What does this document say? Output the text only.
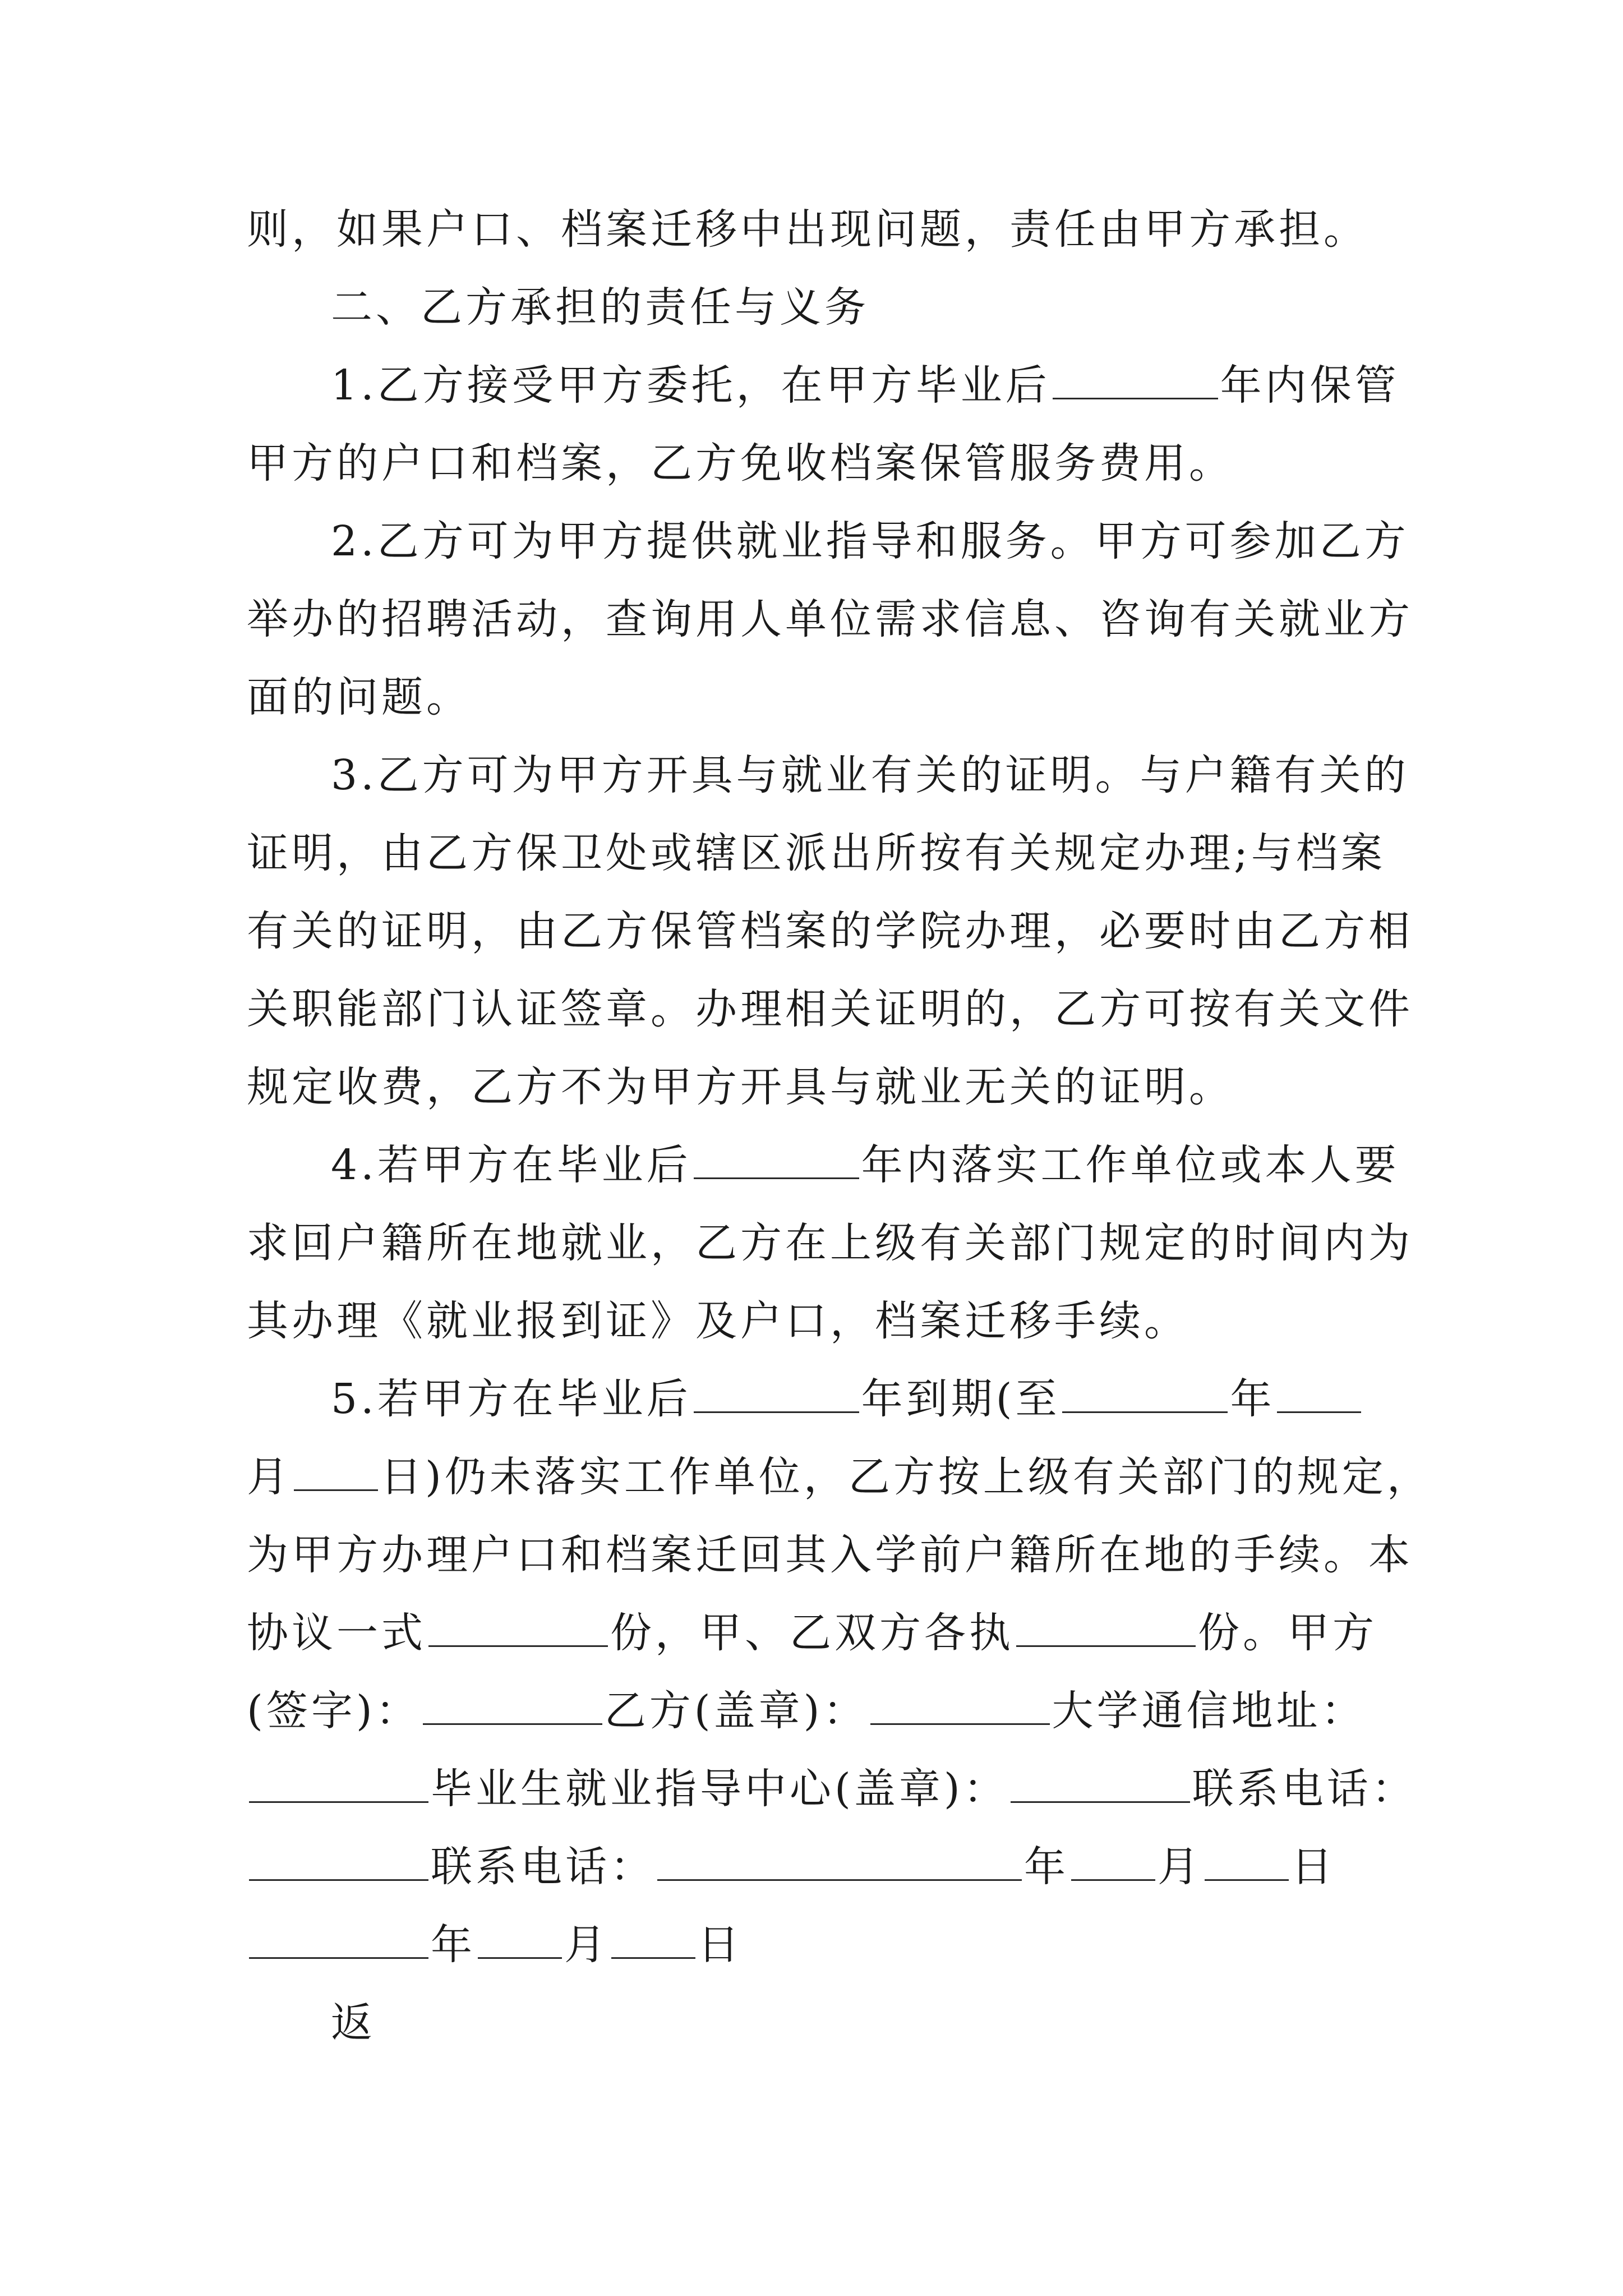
则，如果户口、档案迁移中出现问题，责任由甲方承担。
二、乙方承担的责任与义务
1.乙方接受甲方委托，在甲方毕业后	年内保管
甲方的户口和档案，乙方免收档案保管服务费用。
2.乙方可为甲方提供就业指导和服务。甲方可参加乙方
举办的招聘活动，查询用人单位需求信息、咨询有关就业方
面的问题。
3.乙方可为甲方开具与就业有关的证明。与户籍有关的
证明，由乙方保卫处或辖区派出所按有关规定办理;与档案
有关的证明，由乙方保管档案的学院办理，必要时由乙方相
关职能部门认证签章。办理相关证明的，乙方可按有关文件
规定收费，乙方不为甲方开具与就业无关的证明。
4.若甲方在毕业后	年内落实工作单位或本人要
求回户籍所在地就业，乙方在上级有关部门规定的时间内为
其办理《就业报到证》及户口，档案迁移手续。
5.若甲方在毕业后	年到期(至	年
月 日)仍未落实工作单位，乙方按上级有关部门的规定，
为甲方办理户口和档案迁回其入学前户籍所在地的手续。本
协议一式	份，甲、乙双方各执	份。甲方
(签字)：	乙方(盖章)：	大学通信地址：
毕业生就业指导中心(盖章)：	联系电话：
联系电话：	年 月 日
年 月 日
返
